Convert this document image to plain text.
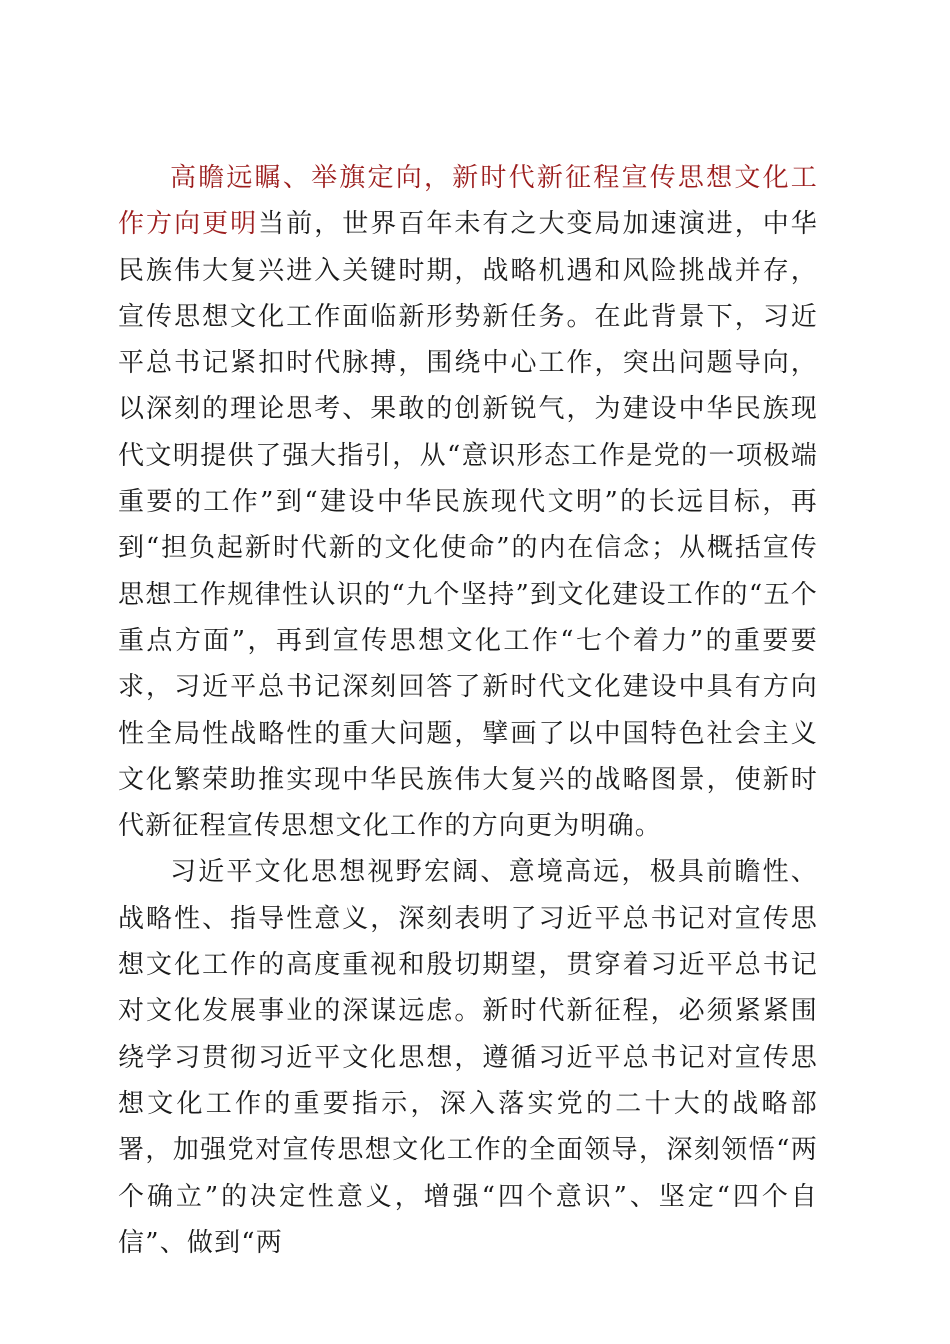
高瞻远瞩、举旗定向，新时代新征程宣传思想文化工作方向更明当前，世界百年未有之大变局加速演进，中华民族伟大复兴进入关键时期，战略机遇和风险挑战并存，宣传思想文化工作面临新形势新任务。在此背景下，习近平总书记紧扣时代脉搏，围绕中心工作，突出问题导向，以深刻的理论思考、果敢的创新锐气，为建设中华民族现代文明提供了强大指引，从“意识形态工作是党的一项极端重要的工作”到“建设中华民族现代文明”的长远目标，再到“担负起新时代新的文化使命”的内在信念；从概括宣传思想工作规律性认识的“九个坚持”到文化建设工作的“五个重点方面”，再到宣传思想文化工作“七个着力”的重要要求，习近平总书记深刻回答了新时代文化建设中具有方向性全局性战略性的重大问题，擘画了以中国特色社会主义文化繁荣助推实现中华民族伟大复兴的战略图景，使新时代新征程宣传思想文化工作的方向更为明确。

习近平文化思想视野宏阔、意境高远，极具前瞻性、战略性、指导性意义，深刻表明了习近平总书记对宣传思想文化工作的高度重视和殷切期望，贯穿着习近平总书记对文化发展事业的深谋远虑。新时代新征程，必须紧紧围绕学习贯彻习近平文化思想，遵循习近平总书记对宣传思想文化工作的重要指示，深入落实党的二十大的战略部署，加强党对宣传思想文化工作的全面领导，深刻领悟“两个确立”的决定性意义，增强“四个意识”、坚定“四个自信”、做到“两
